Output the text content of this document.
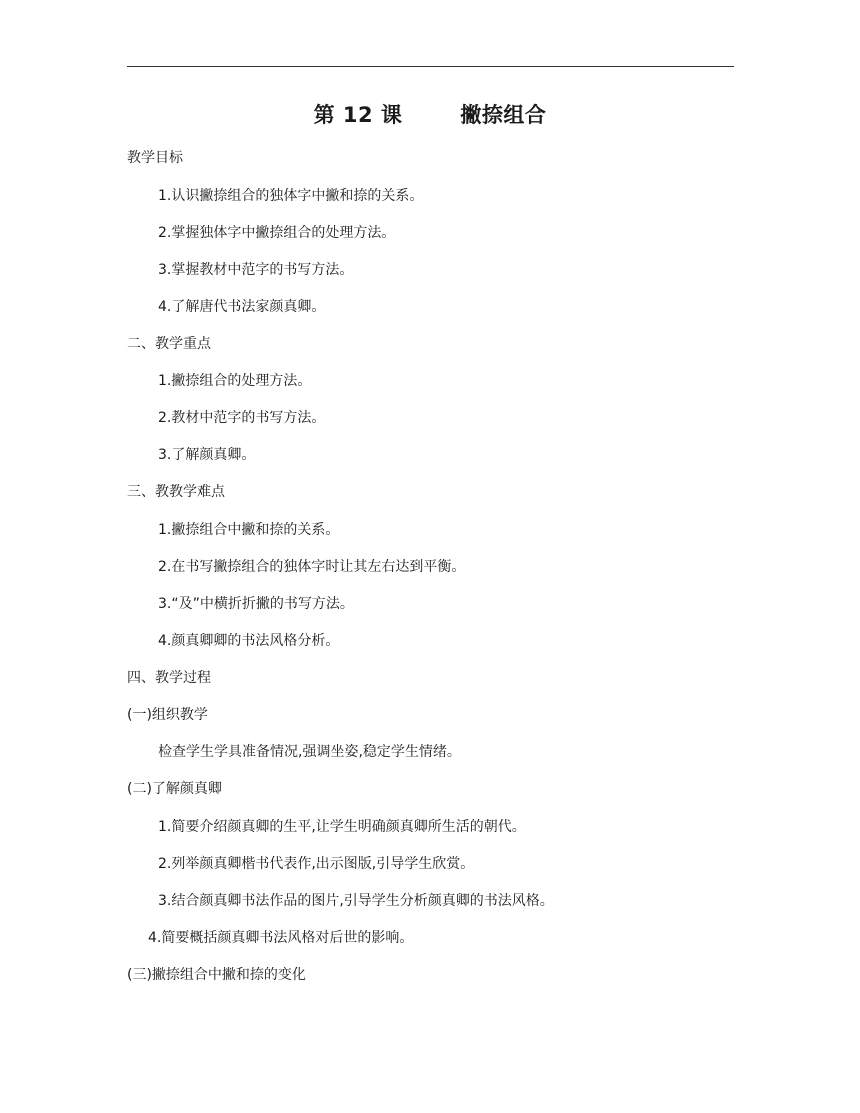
第 12 课	撇捺组合
教学目标
1.认识撇捺组合的独体字中撇和捺的关系。
2.掌握独体字中撇捺组合的处理方法。
3.掌握教材中范字的书写方法。
4.了解唐代书法家颜真卿。
二、教学重点
1.撇捺组合的处理方法。
2.教材中范字的书写方法。
3.了解颜真卿。
三、教教学难点
1.撇捺组合中撇和捺的关系。
2.在书写撇捺组合的独体字时让其左右达到平衡。
3.“及”中横折折撇的书写方法。
4.颜真卿卿的书法风格分析。
四、教学过程
(一)组织教学
检查学生学具准备情况,强调坐姿,稳定学生情绪。
(二)了解颜真卿
1.简要介绍颜真卿的生平,让学生明确颜真卿所生活的朝代。
2.列举颜真卿楷书代表作,出示图版,引导学生欣赏。
3.结合颜真卿书法作品的图片,引导学生分析颜真卿的书法风格。
4.简要概括颜真卿书法风格对后世的影响。
(三)撇捺组合中撇和捺的变化
